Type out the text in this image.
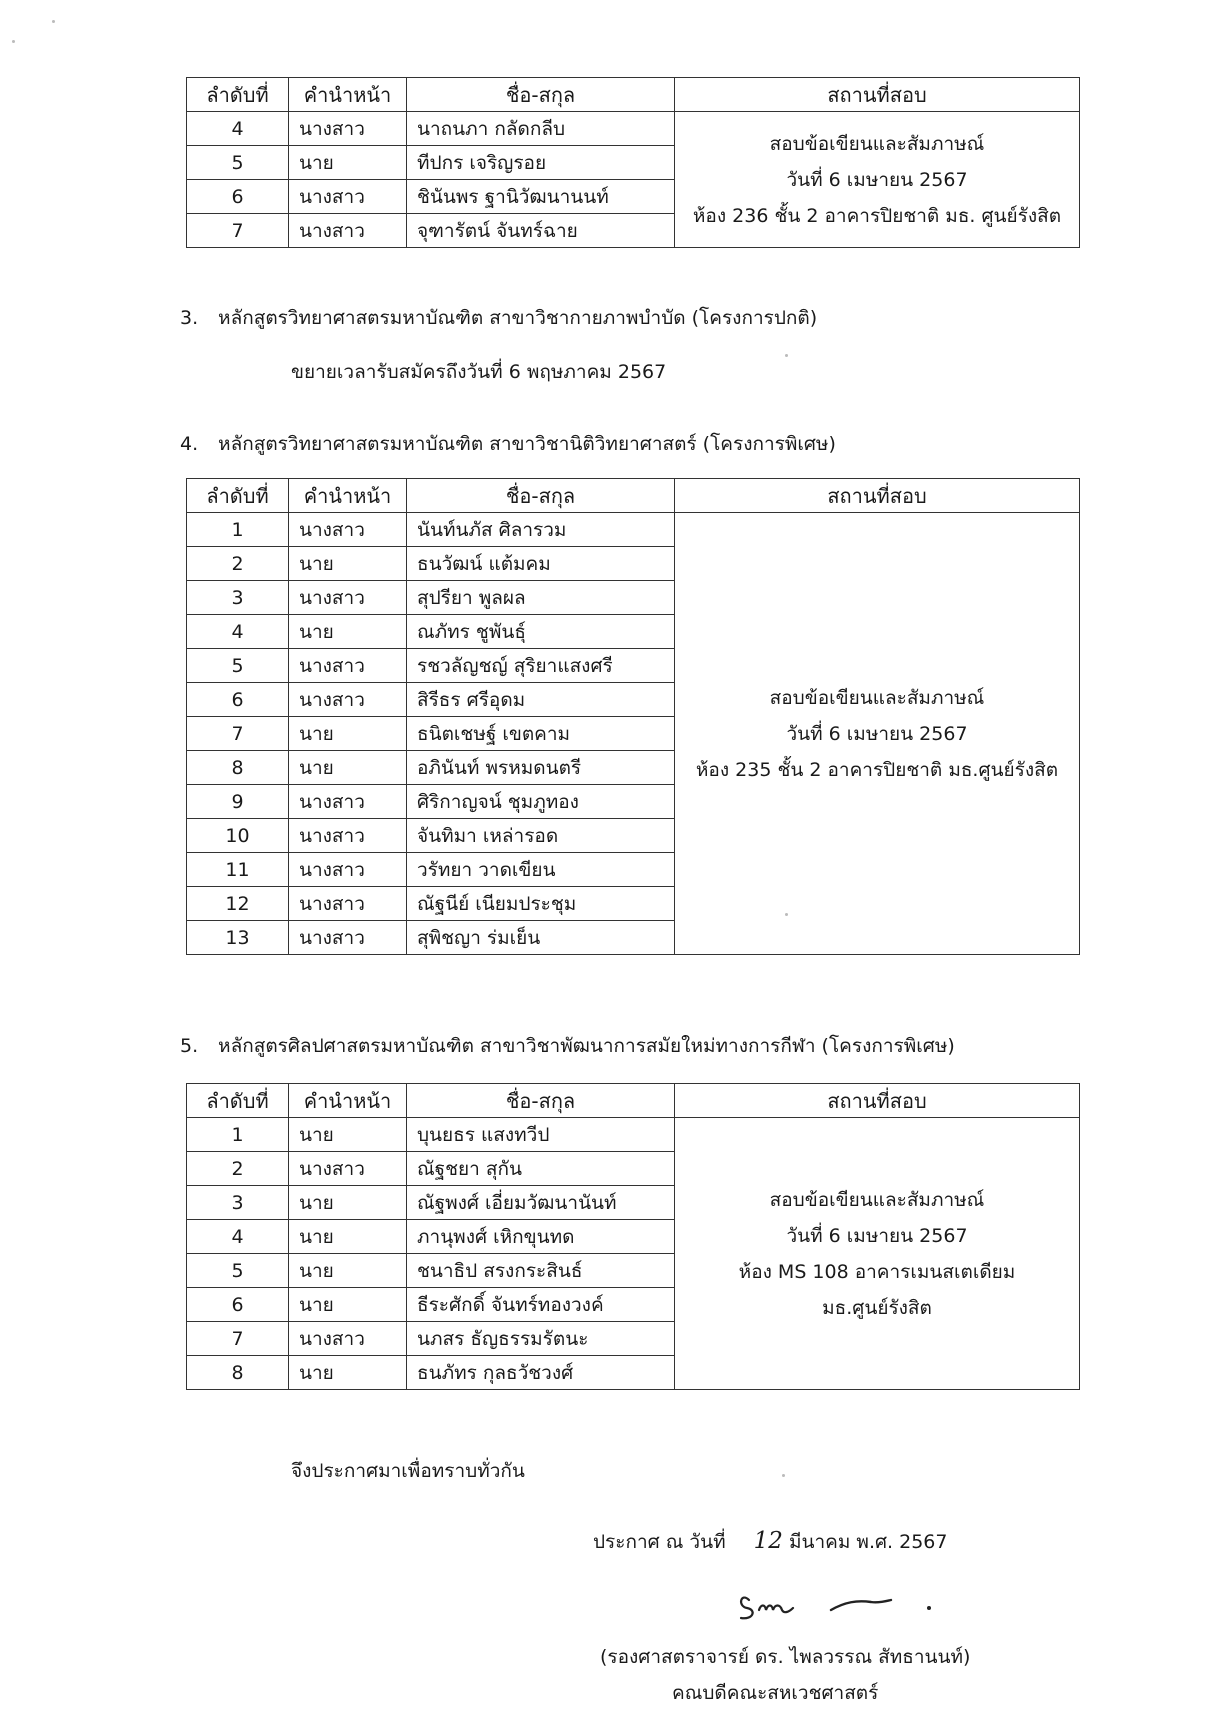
ลำดับที่	คำนำหน้า	ชื่อ-สกุล	สถานที่สอบ
4	นางสาว	นาถนภา กลัดกลีบ	สอบข้อเขียนและสัมภาษณ์
วันที่ 6 เมษายน 2567
ห้อง 236 ชั้น 2 อาคารปิยชาติ มธ. ศูนย์รังสิต

5	นาย	ทีปกร เจริญรอย	
6	นางสาว	ชินันพร ฐานิวัฒนานนท์	
7	นางสาว	จุฑารัตน์ จันทร์ฉาย	
3. หลักสูตรวิทยาศาสตรมหาบัณฑิต สาขาวิชากายภาพบำบัด (โครงการปกติ)
ขยายเวลารับสมัครถึงวันที่ 6 พฤษภาคม 2567
4. หลักสูตรวิทยาศาสตรมหาบัณฑิต สาขาวิชานิติวิทยาศาสตร์ (โครงการพิเศษ)
ลำดับที่	คำนำหน้า	ชื่อ-สกุล	สถานที่สอบ
1	นางสาว	นันท์นภัส ศิลารวม	สอบข้อเขียนและสัมภาษณ์
วันที่ 6 เมษายน 2567
ห้อง 235 ชั้น 2 อาคารปิยชาติ มธ.ศูนย์รังสิต

2	นาย	ธนวัฒน์ แต้มคม	
3	นางสาว	สุปรียา พูลผล	
4	นาย	ณภัทร ชูพันธุ์	
5	นางสาว	รชวลัญชญ์ สุริยาแสงศรี	
6	นางสาว	สิรีธร ศรีอุดม	
7	นาย	ธนิตเชษฐ์ เขตคาม	
8	นาย	อภินันท์ พรหมดนตรี	
9	นางสาว	ศิริกาญจน์ ชุมภูทอง	
10	นางสาว	จันทิมา เหล่ารอด	
11	นางสาว	วรัทยา วาดเขียน	
12	นางสาว	ณัฐนีย์ เนียมประชุม	
13	นางสาว	สุพิชญา ร่มเย็น	
5. หลักสูตรศิลปศาสตรมหาบัณฑิต สาขาวิชาพัฒนาการสมัยใหม่ทางการกีฬา (โครงการพิเศษ)
ลำดับที่	คำนำหน้า	ชื่อ-สกุล	สถานที่สอบ
1	นาย	บุนยธร แสงทวีป	สอบข้อเขียนและสัมภาษณ์
วันที่ 6 เมษายน 2567
ห้อง MS 108 อาคารเมนสเตเดียม
มธ.ศูนย์รังสิต

2	นางสาว	ณัฐชยา สุกัน	
3	นาย	ณัฐพงศ์ เอี่ยมวัฒนานันท์	
4	นาย	ภานุพงศ์ เหิกขุนทด	
5	นาย	ชนาธิป สรงกระสินธ์	
6	นาย	ธีระศักดิ์ จันทร์ทองวงค์	
7	นางสาว	นภสร ธัญธรรมรัตนะ	
8	นาย	ธนภัทร กุลธวัชวงศ์	
จึงประกาศมาเพื่อทราบทั่วกัน
ประกาศ ณ วันที่ 12 มีนาคม พ.ศ. 2567
(รองศาสตราจารย์ ดร. ไพลวรรณ สัทธานนท์)
คณบดีคณะสหเวชศาสตร์
